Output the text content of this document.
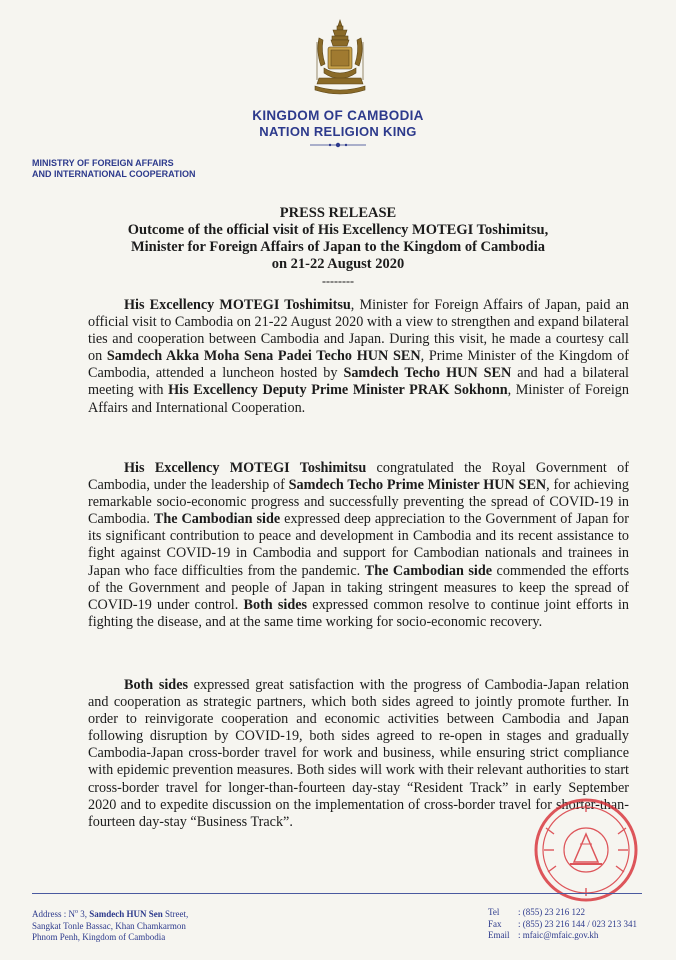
KINGDOM OF CAMBODIA
NATION RELIGION KING
MINISTRY OF FOREIGN AFFAIRS
AND INTERNATIONAL COOPERATION
PRESS RELEASE
Outcome of the official visit of His Excellency MOTEGI Toshimitsu,
Minister for Foreign Affairs of Japan to the Kingdom of Cambodia
on 21-22 August 2020
--------

His Excellency MOTEGI Toshimitsu, Minister for Foreign Affairs of Japan, paid an official visit to Cambodia on 21-22 August 2020 with a view to strengthen and expand bilateral ties and cooperation between Cambodia and Japan. During this visit, he made a courtesy call on Samdech Akka Moha Sena Padei Techo HUN SEN, Prime Minister of the Kingdom of Cambodia, attended a luncheon hosted by Samdech Techo HUN SEN and had a bilateral meeting with His Excellency Deputy Prime Minister PRAK Sokhonn, Minister of Foreign Affairs and International Cooperation.

His Excellency MOTEGI Toshimitsu congratulated the Royal Government of Cambodia, under the leadership of Samdech Techo Prime Minister HUN SEN, for achieving remarkable socio-economic progress and successfully preventing the spread of COVID-19 in Cambodia. The Cambodian side expressed deep appreciation to the Government of Japan for its significant contribution to peace and development in Cambodia and its recent assistance to fight against COVID-19 in Cambodia and support for Cambodian nationals and trainees in Japan who face difficulties from the pandemic. The Cambodian side commended the efforts of the Government and people of Japan in taking stringent measures to keep the spread of COVID-19 under control. Both sides expressed common resolve to continue joint efforts in fighting the disease, and at the same time working for socio-economic recovery.

Both sides expressed great satisfaction with the progress of Cambodia-Japan relation and cooperation as strategic partners, which both sides agreed to jointly promote further. In order to reinvigorate cooperation and economic activities between Cambodia and Japan following disruption by COVID-19, both sides agreed to re-open in stages and gradually Cambodia-Japan cross-border travel for work and business, while ensuring strict compliance with epidemic prevention measures. Both sides will work with their relevant authorities to start cross-border travel for longer-than-fourteen day-stay “Resident Track” in early September 2020 and to expedite discussion on the implementation of cross-border travel for shorter-than-fourteen day-stay “Business Track”.

Address : $N^o$ 3, Samdech HUN Sen Street,
Sangkat Tonle Bassac, Khan Chamkarmon
Phnom Penh, Kingdom of Cambodia
Tel : (855) 23 216 122
Fax : (855) 23 216 144 / 023 213 341
Email : mfaic@mfaic.gov.kh
